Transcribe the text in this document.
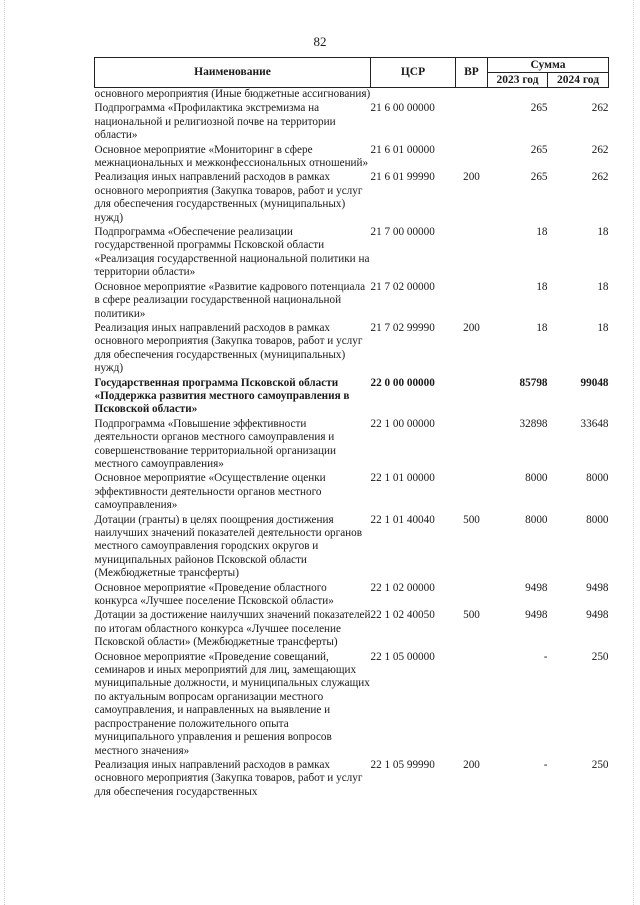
82
Наименование	ЦСР	ВР	Сумма	
			2023 год	2024 год
основного мероприятия (Иные бюджетные ассигнования)				
Подпрограмма «Профилактика экстремизма на национальной и религиозной почве на территории области»	21 6 00 00000		265	262
Основное мероприятие «Мониторинг в сфере межнациональных и межконфессиональных отношений»	21 6 01 00000		265	262
Реализация иных направлений расходов в рамках основного мероприятия (Закупка товаров, работ и услуг для обеспечения государственных (муниципальных) нужд)	21 6 01 99990	200	265	262
Подпрограмма «Обеспечение реализации государственной программы Псковской области «Реализация государственной национальной политики на территории области»	21 7 00 00000		18	18
Основное мероприятие «Развитие кадрового потенциала в сфере реализации государственной национальной политики»	21 7 02 00000		18	18
Реализация иных направлений расходов в рамках основного мероприятия (Закупка товаров, работ и услуг для обеспечения государственных (муниципальных) нужд)	21 7 02 99990	200	18	18
Государственная программа Псковской области «Поддержка развития местного самоуправления в Псковской области»	22 0 00 00000		85798	99048
Подпрограмма «Повышение эффективности деятельности органов местного самоуправления и совершенствование территориальной организации местного самоуправления»	22 1 00 00000		32898	33648
Основное мероприятие «Осуществление оценки эффективности деятельности органов местного самоуправления»	22 1 01 00000		8000	8000
Дотации (гранты) в целях поощрения достижения наилучших значений показателей деятельности органов местного самоуправления городских округов и муниципальных районов Псковской области (Межбюджетные трансферты)	22 1 01 40040	500	8000	8000
Основное мероприятие «Проведение областного конкурса «Лучшее поселение Псковской области»	22 1 02 00000		9498	9498
Дотации за достижение наилучших значений показателей по итогам областного конкурса «Лучшее поселение Псковской области» (Межбюджетные трансферты)	22 1 02 40050	500	9498	9498
Основное мероприятие «Проведение совещаний, семинаров и иных мероприятий для лиц, замещающих муниципальные должности, и муниципальных служащих по актуальным вопросам организации местного самоуправления, и направленных на выявление и распространение положительного опыта муниципального управления и решения вопросов местного значения»	22 1 05 00000		-	250
Реализация иных направлений расходов в рамках основного мероприятия (Закупка товаров, работ и услуг для обеспечения государственных	22 1 05 99990	200	-	250
